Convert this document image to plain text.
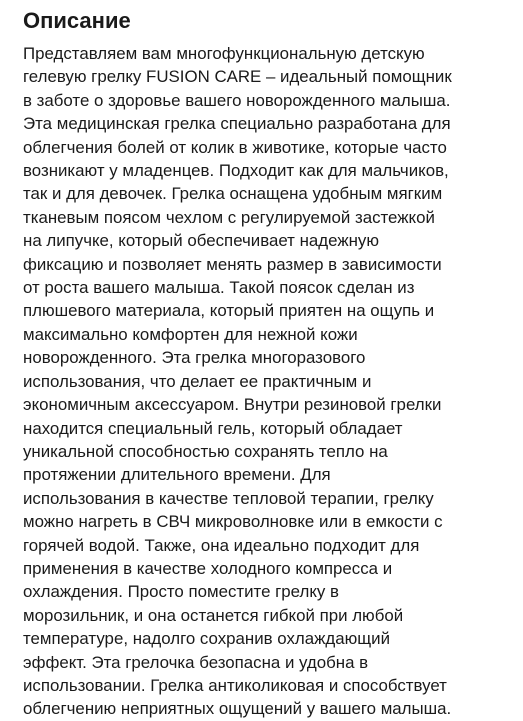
Описание
Представляем вам многофункциональную детскую
гелевую грелку FUSION CARE – идеальный помощник
в заботе о здоровье вашего новорожденного малыша.
Эта медицинская грелка специально разработана для
облегчения болей от колик в животике, которые часто
возникают у младенцев. Подходит как для мальчиков,
так и для девочек. Грелка оснащена удобным мягким
тканевым поясом чехлом с регулируемой застежкой
на липучке, который обеспечивает надежную
фиксацию и позволяет менять размер в зависимости
от роста вашего малыша. Такой поясок сделан из
плюшевого материала, который приятен на ощупь и
максимально комфортен для нежной кожи
новорожденного. Эта грелка многоразового
использования, что делает ее практичным и
экономичным аксессуаром. Внутри резиновой грелки
находится специальный гель, который обладает
уникальной способностью сохранять тепло на
протяжении длительного времени. Для
использования в качестве тепловой терапии, грелку
можно нагреть в СВЧ микроволновке или в емкости с
горячей водой. Также, она идеально подходит для
применения в качестве холодного компресса и
охлаждения. Просто поместите грелку в
морозильник, и она останется гибкой при любой
температуре, надолго сохранив охлаждающий
эффект. Эта грелочка безопасна и удобна в
использовании. Грелка антиколиковая и способствует
облегчению неприятных ощущений у вашего малыша.
